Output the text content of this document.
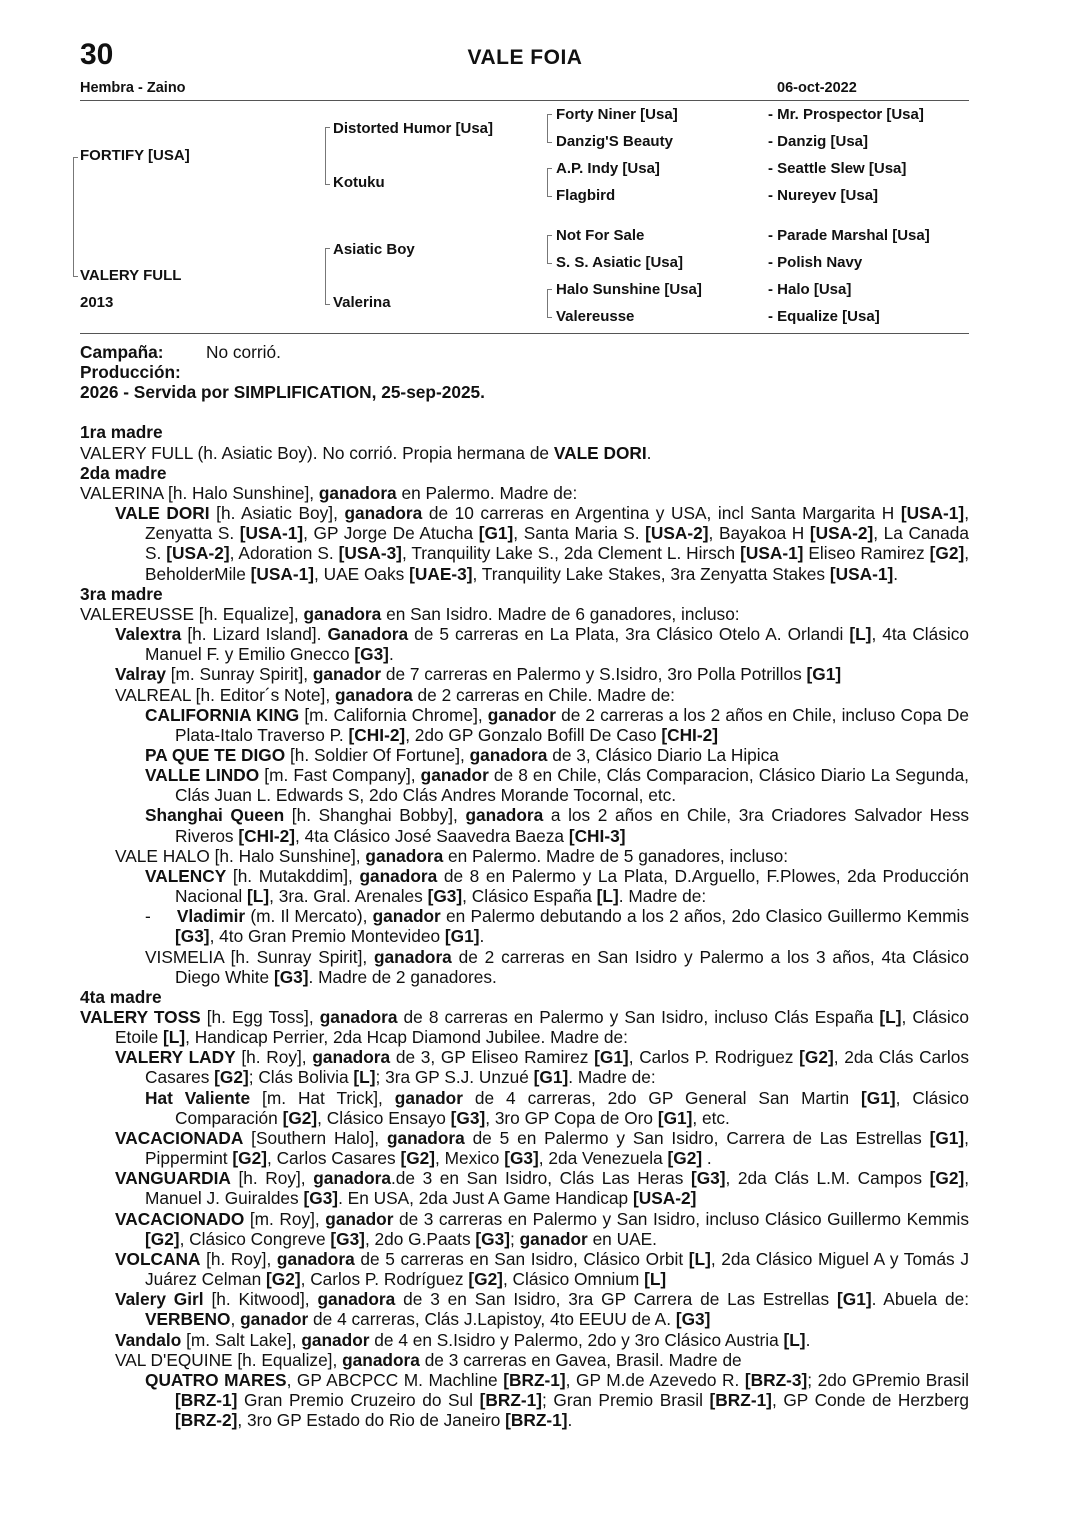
30	VALE FOIA
Hembra - Zaino	06-oct-2022
FORTIFY [USA]
VALERY FULL
2013
Distorted Humor [Usa]
Kotuku
Asiatic Boy
Valerina
Forty Niner [Usa]
Danzig'S Beauty
A.P. Indy [Usa]
Flagbird
Not For Sale
S. S. Asiatic [Usa]
Halo Sunshine [Usa]
Valereusse
- Mr. Prospector [Usa]
- Danzig [Usa]
- Seattle Slew [Usa]
- Nureyev [Usa]
- Parade Marshal [Usa]
- Polish Navy
- Halo [Usa]
- Equalize [Usa]

Campaña: No corrió.

Producción:

2026 - Servida por SIMPLIFICATION, 25-sep-2025.

1ra madre

VALERY FULL (h. Asiatic Boy). No corrió. Propia hermana de VALE DORI.

2da madre

VALERINA [h. Halo Sunshine], ganadora en Palermo. Madre de:

VALE DORI [h. Asiatic Boy], ganadora de 10 carreras en Argentina y USA, incl Santa Margarita H [USA-1], Zenyatta S. [USA-1], GP Jorge De Atucha [G1], Santa Maria S. [USA-2], Bayakoa H [USA-2], La Canada S. [USA-2], Adoration S. [USA-3], Tranquility Lake S., 2da Clement L. Hirsch [USA-1] Eliseo Ramirez [G2], BeholderMile [USA-1], UAE Oaks [UAE-3], Tranquility Lake Stakes, 3ra Zenyatta Stakes [USA-1].

3ra madre

VALEREUSSE [h. Equalize], ganadora en San Isidro. Madre de 6 ganadores, incluso:

Valextra [h. Lizard Island]. Ganadora de 5 carreras en La Plata, 3ra Clásico Otelo A. Orlandi [L], 4ta Clásico Manuel F. y Emilio Gnecco [G3].

Valray [m. Sunray Spirit], ganador de 7 carreras en Palermo y S.Isidro, 3ro Polla Potrillos [G1]

VALREAL [h. Editor´s Note], ganadora de 2 carreras en Chile. Madre de:

CALIFORNIA KING [m. California Chrome], ganador de 2 carreras a los 2 años en Chile, incluso Copa De Plata-Italo Traverso P. [CHI-2], 2do GP Gonzalo Bofill De Caso [CHI-2]

PA QUE TE DIGO [h. Soldier Of Fortune], ganadora de 3, Clásico Diario La Hipica

VALLE LINDO [m. Fast Company], ganador de 8 en Chile, Clás Comparacion, Clásico Diario La Segunda, Clás Juan L. Edwards S, 2do Clás Andres Morande Tocornal, etc.

Shanghai Queen [h. Shanghai Bobby], ganadora a los 2 años en Chile, 3ra Criadores Salvador Hess Riveros [CHI-2], 4ta Clásico José Saavedra Baeza [CHI-3]

VALE HALO [h. Halo Sunshine], ganadora en Palermo. Madre de 5 ganadores, incluso:

VALENCY [h. Mutakddim], ganadora de 8 en Palermo y La Plata, D.Arguello, F.Plowes, 2da Producción Nacional [L], 3ra. Gral. Arenales [G3], Clásico España [L]. Madre de:

-     Vladimir (m. Il Mercato), ganador en Palermo debutando a los 2 años, 2do Clasico Guillermo Kemmis [G3], 4to Gran Premio Montevideo [G1].

VISMELIA [h. Sunray Spirit], ganadora de 2 carreras en San Isidro y Palermo a los 3 años, 4ta Clásico Diego White [G3]. Madre de 2 ganadores.

4ta madre

VALERY TOSS [h. Egg Toss], ganadora de 8 carreras en Palermo y San Isidro, incluso Clás España [L], Clásico Etoile [L], Handicap Perrier, 2da Hcap Diamond Jubilee. Madre de:

VALERY LADY [h. Roy], ganadora de 3, GP Eliseo Ramirez [G1], Carlos P. Rodriguez [G2], 2da Clás Carlos Casares [G2]; Clás Bolivia [L]; 3ra GP S.J. Unzué [G1]. Madre de:

Hat Valiente [m. Hat Trick], ganador de 4 carreras, 2do GP General San Martin [G1], Clásico Comparación [G2], Clásico Ensayo [G3], 3ro GP Copa de Oro [G1], etc.

VACACIONADA [Southern Halo], ganadora de 5 en Palermo y San Isidro, Carrera de Las Estrellas [G1], Pippermint [G2], Carlos Casares [G2], Mexico [G3], 2da Venezuela [G2] .

VANGUARDIA [h. Roy], ganadora.de 3 en San Isidro, Clás Las Heras [G3], 2da Clás L.M. Campos [G2], Manuel J. Guiraldes [G3]. En USA, 2da Just A Game Handicap [USA-2]

VACACIONADO [m. Roy], ganador de 3 carreras en Palermo y San Isidro, incluso Clásico Guillermo Kemmis [G2], Clásico Congreve [G3], 2do G.Paats [G3]; ganador en UAE.

VOLCANA [h. Roy], ganadora de 5 carreras en San Isidro, Clásico Orbit [L], 2da Clásico Miguel A y Tomás J Juárez Celman [G2], Carlos P. Rodríguez [G2], Clásico Omnium [L]

Valery Girl [h. Kitwood], ganadora de 3 en San Isidro, 3ra GP Carrera de Las Estrellas [G1]. Abuela de: VERBENO, ganador de 4 carreras, Clás J.Lapistoy, 4to EEUU de A. [G3]

Vandalo [m. Salt Lake], ganador de 4 en S.Isidro y Palermo, 2do y 3ro Clásico Austria [L].

VAL D'EQUINE [h. Equalize], ganadora de 3 carreras en Gavea, Brasil. Madre de

QUATRO MARES, GP ABCPCC M. Machline [BRZ-1], GP M.de Azevedo R. [BRZ-3]; 2do GPremio Brasil [BRZ-1] Gran Premio Cruzeiro do Sul [BRZ-1]; Gran Premio Brasil [BRZ-1], GP Conde de Herzberg [BRZ-2], 3ro GP Estado do Rio de Janeiro [BRZ-1].
